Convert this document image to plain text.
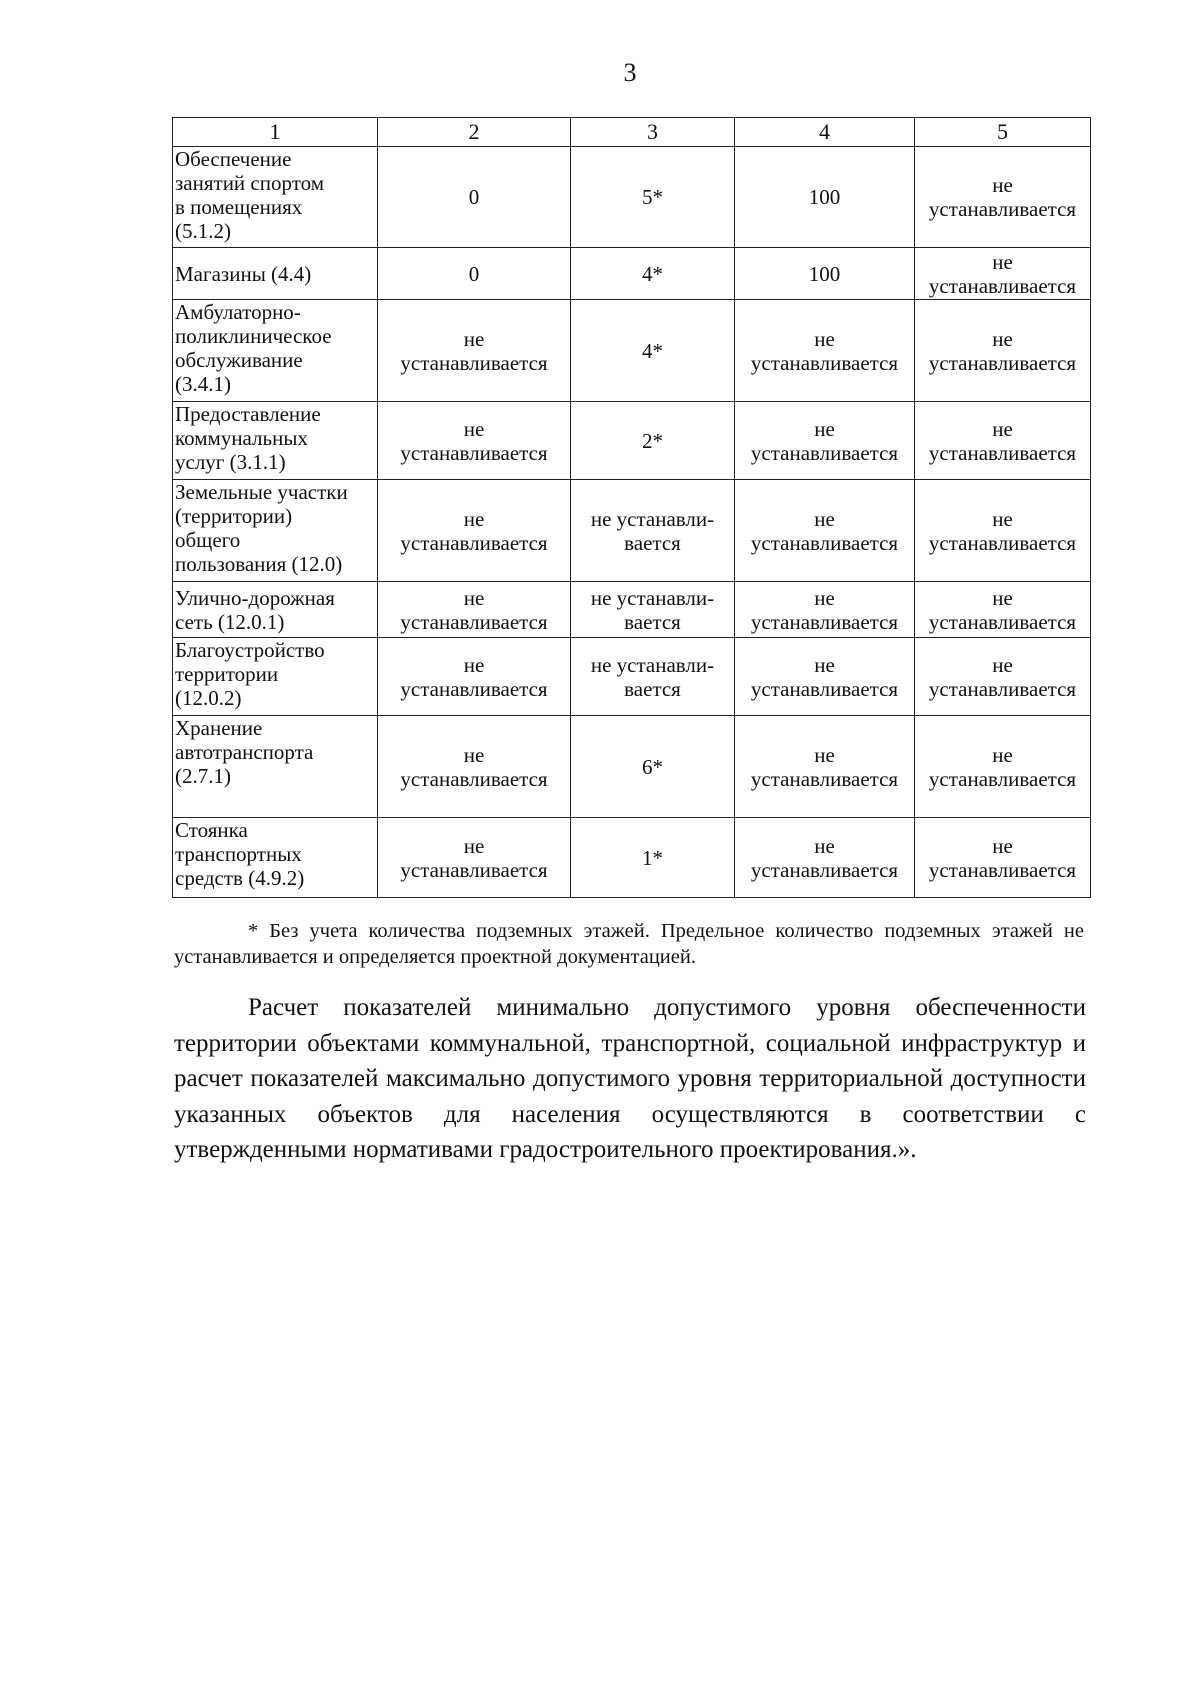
3
1	2	3	4	5

Обеспечение
занятий спортом
в помещениях
(5.1.2)	0	5*	100	не
устанавливается

Магазины (4.4)	0	4*	100	не
устанавливается

Амбулаторно-
поликлиническое
обслуживание
(3.4.1)	не
устанавливается	4*	не
устанавливается	не
устанавливается

Предоставление
коммунальных
услуг (3.1.1)	не
устанавливается	2*	не
устанавливается	не
устанавливается

Земельные участки
(территории)
общего
пользования (12.0)	не
устанавливается	не устанавли-
вается	не
устанавливается	не
устанавливается

Улично-дорожная
сеть (12.0.1)	не
устанавливается	не устанавли-
вается	не
устанавливается	не
устанавливается

Благоустройство
территории
(12.0.2)	не
устанавливается	не устанавли-
вается	не
устанавливается	не
устанавливается

Хранение
автотранспорта
(2.7.1)	не
устанавливается	6*	не
устанавливается	не
устанавливается

Стоянка
транспортных
средств (4.9.2)	не
устанавливается	1*	не
устанавливается	не
устанавливается
* Без учета количества подземных этажей. Предельное количество подземных этажей не устанавливается и определяется проектной документацией.
Расчет показателей минимально допустимого уровня обеспеченности территории объектами коммунальной, транспортной, социальной инфраструктур и расчет показателей максимально допустимого уровня территориальной доступности указанных объектов для населения осуществляются в соответствии с утвержденными нормативами градостроительного проектирования.».
